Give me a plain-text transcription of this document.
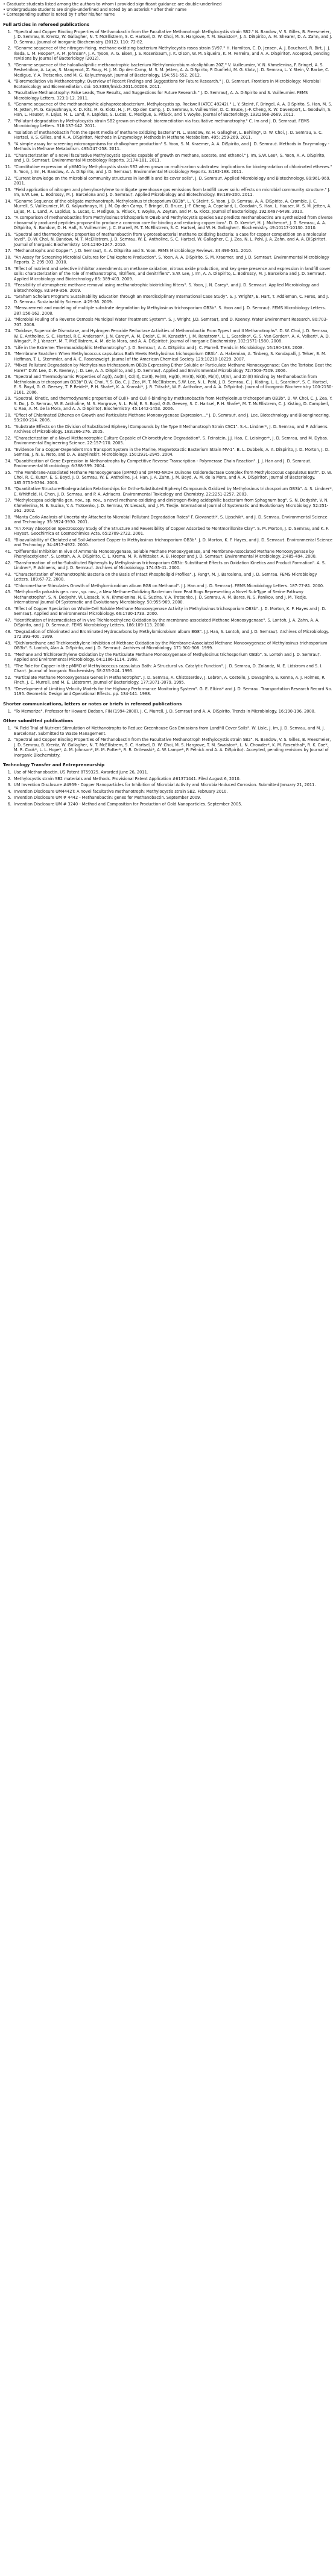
• Graduate students listed among the authors to whom I provided significant guidance are double-underlined
• Undergraduate students are single-underlined and noted by an asterisk * after their name
• Corresponding author is noted by † after his/her name
Full articles in refereed publications
1. "Spectral and Copper Binding Properties of Methanobactin from the Facultative Methanotroph Methylocystis strain SB2." N. Bandow, V. S. Gilles, B. Freesmeier, J. D. Semrau, B. Krentz, W. Gallagher, N. T. McEllistrem, S. C. Hartsel, D. W. Choi, M. S. Hargrove, T. M. Swaiston*, J. A. DiSpirito, A. M. Shearer, D. A. Zahn, and J. D. Semrau. Journal of Inorganic Biochemistry (2012). 110: 72-82.
2. "Genome sequence of the nitrogen-fixing, methane-oxidizing bacterium Methylocystis rosea strain SV97." H. Hamilton, C. D. Jensen, A. J. Bouchard, R. Birt, J. J. Ikeda, L. M. Hooper*, A. M. Johnson*, J. A. Tyson, A. G. Eisen, J. S. Rosenbaum, J. K. Olson, W. M. Siqueira, K. M. Ferreira, and A. A. DiSpirito†. Accepted, pending revisions by Journal of Bacteriology (2012).
3. "Genome sequence of the haloalkaliphilic methanotrophic bacterium Methylomicrobium alcaliphilum 20Z." V. Vuilleumier, V. N. Khmelenina, F. Bringel, A. S. Reshetnikov, A. Lajus, S. Mangenot, Z. Rouy, H. J. M. Op den Camp, M. S. M. Jetten, A. A. DiSpirito, P. Dunfield, M. G. Klotz, J. D. Semrau, L. Y. Stein, V. Barbe, C. Medigue, Y. A. Trotsenko, and M. G. Kalyuzhnaya†. Journal of Bacteriology. 194:551-552. 2012.
4. "Bioremediation via Methanotrophy: Overview of Recent Findings and Suggestions for Future Research." J. D. Semrau†. Frontiers in Microbiology: Microbial Ecotoxicology and Bioremediation. doi: 10.3389/fmicb.2011.00209. 2011.
5. "Facultative Methanotrophy: False Leads, True Results, and Suggestions for Future Research." J. D. Semrau†, A. A. DiSpirito and S. Vuilleumier. FEMS Microbiology Letters. 323:1-12. 2011.
6. "Genome sequence of the methanotrophic alphaproteobacterium, Methylocystis sp. Rockwell (ATCC 49242)." L. Y. Stein†, F. Bringel, A. A. DiSpirito, S. Han, M. S. M. Jetten, M. G. Kalyuzhnaya, K. D. Kits, M. G. Klotz, H. J. M. Op den Camp, J. D. Semrau, S. Vuilleumier, D. C. Bruce, J.-F. Cheng, K. W. Davenport, L. Goodwin, S. Han, L. Hauser, A. Lajus, M. L. Land, A. Lapidus, S. Lucas, C. Medigue, S. Pitluck, and T. Woyke. Journal of Bacteriology. 193:2668-2669. 2011.
7. "Pollutant degradation by Methylocystis strain SB2 grown on ethanol: bioremediation via facultative methanotrophy." C. Im and J. D. Semrau†. FEMS Microbiology Letters. 318:137-142. 2011.
8. "Isolation of methanobactin from the spent media of methane oxidizing bacteria" N. L. Bandow, W. H. Gallagher, L. Behling*, D. W. Choi, J. D. Semrau, S. C. Hartsel, V. S. Gilles, and A. A. DiSpirito†. Methods in Enzymology. Methods in Methane Metabolism. 495: 259-269. 2011.
9. "A simple assay for screening microorganisms for chalkophore production" S. Yoon, S. M. Kraemer, A. A. DiSpirito, and J. D. Semrau†. Methods in Enzymology -Methods in Methane Metabolism. 495:247-258. 2011.
10. "Characterization of a novel facultative Methylocystis species capable of growth on methane, acetate, and ethanol." J. Im, S.W. Lee*, S. Yoon, A. A. DiSpirito, and J. D. Semrau†. Environmental Microbiology Reports. 3:174-181. 2011.
11. "Constitutive expression of pMMO by Methylocystis strain SB2 when grown on multi-carbon substrates: implications for biodegradation of chlorinated ethenes." S. Yoon, J. Im, H. Bandow, A. A. DiSpirito, and J. D. Semrau†. Environmental Microbiology Reports. 3:182-188. 2011.
12. "Current knowledge on the microbial community structures in landfills and its cover soils". J. D. Semrau†. Applied Microbiology and Biotechnology. 89:961-969. 2011.
13. "Field application of nitrogen and phenylacetylene to mitigate greenhouse gas emissions from landfill cover soils: effects on microbial community structure." J. Im, S.W. Lee, L. Bodrossy, M. J. Barcelona and J. D. Semrau†. Applied Microbiology and Biotechnology. 89:189-200. 2011.
14. "Genome Sequence of the obligate methanotroph, Methylosinus trichosporium OB3b". L. Y. Stein†, S. Yoon, J. D. Semrau, A. A. DiSpirito, A. Crombie, J. C. Murrell, S. Vuilleumier, M. G. Kalyuzhnaya, H. J. M. Op den Camp, F. Bringel, D. Bruce, J.-F. Cheng, A. Copeland, L. Goodwin, S. Han, L. Hauser, M. S. M. Jetten, A. Lajus, M. L. Land, A. Lapidus, S. Lucas, C. Medigue, S. Pitluck, T. Woyke, A. Zeytun, and M. G. Klotz. Journal of Bacteriology. 192:6497-6498. 2010.
15. "A comparison of methanobactins from Methylosinus trichosporium OB3b and Methylocystis species SB2 predicts methanobactins are synthesized from diverse ribosomally produced peptides proposed to produce a common core for binding and reducing copper ions". D. D. Krentz*, H. J. Mulheron*, J. D. Semrau, A. A. DiSpirito, N. Bandow, D. H. Haft, S. Vuilleumier, J. C. Murrell, M. T. McEllistrem, S. C. Hartsel, and W. H. Gallagher†. Biochemistry. 49:10117-10130. 2010.
16. "Spectral and thermodynamic properties of methanobactin from γ-proteobacterial methane oxidizing bacteria: a case for copper competition on a molecular level". D.-W. Choi, N. Bandow, M. T. McEllistrem, J. D. Semrau, W. E. Antholine, S. C. Hartsel, W. Gallagher, C. J. Zea, N. L. Pohl, J. A. Zahn, and A. A. DiSpirito†. Journal of Inorganic Biochemistry. 104:1240-1247. 2010.
17. "Methanotrophs and Copper". J. D. Semrau†, A. A. DiSpirito and S. Yoon. FEMS Microbiology Reviews. 34:496-531. 2010.
18. "An Assay for Screening Microbial Cultures for Chalkophore Production". S. Yoon, A. A. DiSpirito, S. M. Kraemer, and J. D. Semrau†. Environmental Microbiology Reports. 2: 295-303. 2010.
19. "Effect of nutrient and selective inhibitor amendments on methane oxidation, nitrous oxide production, and key gene presence and expression in landfill cover soils: characterization of the role of methanotrophs, nitrifiers, and denitrifiers". S.W. Lee, J. Im, A. A. DiSpirito, L. Bodrossy, M. J. Barcelona and J. D. Semrau†. Applied Microbiology and Biotechnology 85: 389-403. 2009.
20. "Feasibility of atmospheric methane removal using methanotrophic biotrickling filters". S. Yoon, J. N. Carey*, and J. D. Semrau†. Applied Microbiology and Biotechnology. 83:949-956. 2009.
21. "Graham Scholars Program: Sustainability Education through an Interdisciplinary International Case Study". S. J. Wright*, E. Hart, T. Addleman, C. Feres, and J. D. Semrau. Sustainability Science. 4:29-36. 2009.
22. "Measurement and modeling of multiple substrate degradation by Methylosinus trichosporium OB3b". S. Yoon and J. D. Semrau†. FEMS Microbiology Letters. 287:156-162. 2008.
23. "Microbial Fouling of a Reverse Osmosis Municipal Water Treatment System". S. J. Wright, J.D. Semrau†, and D. Keeney. Water Environment Research. 80:703-707. 2008.
24. "Oxidase, Superoxide Dismutase, and Hydrogen Peroxide Reductase Activities of Methanobactin From Types I and II Methanotrophs". D. W. Choi, J. D. Semrau, W. E. Antholine, S. C. Hartsel, R.C. Anderson*, J. N. Carey*, A. M. Dreis*, E. M. Kenseth*, J. M. Renstrom*, L. L. Scardino*, G. S. Van Gorden*, A. A. Volkert*, A. D. Wingad*, P. J. Yanzer*, M. T. McEllistrem, A. M. de la Mora, and A. A. DiSpirito†. Journal of Inorganic Biochemistry. 102:1571-1580. 2008.
25. "Life in the Extreme: Thermoacidophilic Methanotrophy". J. D. Semrau†, A. A. DiSpirito and J. C. Murrell. Trends in Microbiology. 16:190-193. 2008.
26. "Membrane Snatcher: When Methylococcus capsulatus Bath Meets Methylosinus trichosporium OB3b". A. Hakemian, A. Tinberg, S. Kondapalli, J. Telser, B. M. Hoffman, T. L. Stemmler, and A. C. Rosenzweig†. Journal of the American Chemical Society 129:10218-10229. 2007.
27. "Mixed Pollutant Degradation by Methylosinus trichosporium OB3b Expressing Either Soluble or Particulate Methane Monooxygenase: Can the Tortoise Beat the Hare?" D.W. Lee, D. R. Keeney, J. D. Lee, A. A. DiSpirito, and J. D. Semrau†. Applied and Environmental Microbiology 72:7503-7509. 2006.
28. "Spectral and Thermodynamic Properties of Ag(I), Au(III), Cd(II), Co(II), Fe(III), Hg(II), Mn(II), Ni(II), Pb(II), U(IV), and Zn(II) Binding by Methanobactin from Methylosinus trichosporium OB3b" D.W. Choi, Y. S. Do, C. J. Zea, M. T. McEllistrem, S.W. Lee, N. L. Pohl, J. D. Semrau, C. J. Kisting, L. L. Scardino*, S. C. Hartsel, E. S. Boyd, G. G. Geesey, T. P. Reidel*, P. H. Shafe*, K. A. Kranski*, J. R. Tritsch*, W. E. Antholine, and A. A. DiSpirito†. Journal of Inorganic Biochemistry 100:2150-2161. 2006.
29. "Spectral, kinetic, and thermodynamic properties of Cu(I)- and Cu(II)-binding by methanobactin from Methylosinus trichosporium OB3b". D. W. Choi, C. J. Zea, Y. S. Do, J. D. Semrau, W. E. Antholine, M. S. Hargrove, N. L. Pohl, E. S. Boyd, G.G. Geesey, S. C. Hartsel, P. H. Shafe*, M. T. McEllistrem, C. J. Kisting, D. Campbell, V. Rao, A. M. de la Mora, and A. A. DiSpirito†. Biochemistry. 45:1442-1453. 2006.
30. "Effect of Chlorinated Ethenes on Growth and Particulate Methane Monooxygenase Expression..." J. D. Semrau†, and J. Lee. Biotechnology and Bioengineering. 93:200-214. 2006.
31. "Substrate Effects on the Division of Substituted Biphenyl Compounds by the Type II Methanotroph Strain CSC1". S.-L. Lindner*, J. D. Semrau, and P. Adriaens. Archives of Microbiology. 183:266-276. 2005.
32. "Characterization of a Novel Methanotrophic Culture Capable of Chloroethylene Degradation". S. Feinstein, J.J. Hao, C. Leisinger*, J. D. Semrau, and M. Dybas. Environmental Engineering Science. 22:157-170. 2005.
33. "Evidence for a Copper-Dependent Iron Transport System in the Marine, Magnetotactic Bacterium Strain MV-1". B. L. Dubbels, A. A. DiSpirito, J. D. Morton, J. D. Semrau, J. N. E. Neto, and D. A. Bazylinski†. Microbiology. 150:2931-2945. 2004.
34. "Quantification of Gene Expression in Methanotrophs by Competitive Reverse Transcription - Polymerase Chain Reaction". J. J. Han and J. D. Semrau†. Environmental Microbiology. 6:388-399. 2004.
35. "The Membrane-Associated Methane Monooxygenase (pMMO) and pMMO-NADH:Quinone Oxidoreductase Complex from Methylococcus capsulatus Bath". D. W. Choi, R. C. Kunz*, E. S. Boyd, J. D. Semrau, W. E. Antholine, J.-I. Han, J. A. Zahn, J. M. Boyd, A. M. de la Mora, and A. A. DiSpirito†. Journal of Bacteriology. 185:5755-5764. 2003.
36. "Quantitative Structure-Biodegradation Relationships for Ortho-Substituted Biphenyl Compounds Oxidized by Methylosinus trichosporium OB3b". A. S. Lindner*, E. Whitfield, H. Chen, J. D. Semrau, and P. A. Adriaens. Environmental Toxicology and Chemistry. 22:2251-2257. 2003.
37. "Methylocapsa acidiphila gen. nov., sp. nov., a novel methane-oxidizing and dinitrogen-fixing acidophilic bacterium from Sphagnum bog". S. N. Dedysh†, V. N. Khmelenina, N. E. Suzina, Y. A. Trotsenko, J. D. Semrau, W. Liesack, and J. M. Tiedje. International Journal of Systematic and Evolutionary Microbiology. 52:251-261. 2002.
38. "Manta Carlo Analysis of Uncertainty Attached to Microbial Pollutant Degradation Rates" F. Giovanetti*, S. Lipschik*, and J. D. Semrau. Environmental Science and Technology. 35:3924-3930. 2001.
39. "An X-Ray Absorption Spectroscopy Study of the Structure and Reversibility of Copper Adsorbed to Montmorillonite Clay". S. M. Morton, J. D. Semrau, and K. F. Hayes†. Geochimica et Cosmochimica Acta. 65:2709-2722. 2001.
40. "Bioavailability of Chelated and Soil-Adsorbed Copper to Methylosinus trichosporium OB3b". J. D. Morton, K. F. Hayes, and J. D. Semrau†. Environmental Science and Technology. 34:4917-4922. 2000.
41. "Differential Inhibition In vivo of Ammonia Monooxygenase, Soluble Methane Monooxygenase, and Membrane-Associated Methane Monooxygenase by Phenylacetylene". S. Lontoh, A. A. DiSpirito, C. L. Krema, M. R. Whittaker, A. B. Hooper and J. D. Semrau†. Environmental Microbiology. 2:485-494. 2000.
42. "Transformation of ortho-Substituted Biphenyls by Methylosinus trichosporium OB3b: Substituent Effects on Oxidation Kinetics and Product Formation". A. S. Lindner*, P. Adriaens, and J. D. Semrau†. Archives of Microbiology. 174:35-41. 2000.
43. "Characterization of Methanotrophic Bacteria on the Basis of Intact Phospholipid Profiles". J. Fang*, M. J. Barcelona, and J. D. Semrau. FEMS Microbiology Letters. 189:67-72. 2000.
44. "Chloromethane Stimulates Growth of Methylomicrobium album BG8 on Methanol". J.J. Han and J. D. Semrau†. FEMS Microbiology Letters. 187:77-81. 2000.
45. "Methylocella palustris gen. nov., sp. nov., a New Methane-Oxidizing Bacterium from Peat Bogs Representing a Novel Sub-Type of Serine Pathway Methanotrophs". S. N. Dedysh†, W. Liesack, V. N. Khmelenina, N. E. Suzina, Y. A. Trotsenko, J. D. Semrau, A. M. Bares, N. S. Panikov, and J. M. Tiedje. International Journal Of Systematic and Evolutionary Microbiology. 50:955-969. 2000.
46. "Effect of Copper Speciation on Whole-Cell Soluble Methane Monooxygenase Activity in Methylosinus trichosporium OB3b". J. D. Morton, K. F. Hayes and J. D. Semrau†. Applied and Environmental Microbiology. 66:1730-1733. 2000.
47. "Identification of Intermediates of in vivo Trichloroethylene Oxidation by the membrane-associated Methane Monooxygenase". S. Lontoh, J. A. Zahn, A. A. DiSpirito, and J. D. Semrau†. FEMS Microbiology Letters. 186:109-113. 2000.
48. "Degradation of Chlorinated and Brominated Hydrocarbons by Methylomicrobium album BG8". J.J. Han, S. Lontoh, and J. D. Semrau†. Archives of Microbiology. 172:393-400. 1999.
49. "Dichloroethane and Trichloroethylene Inhibition of Methane Oxidation by the Membrane-Associated Methane Monooxygenase of Methylosinus trichosporium OB3b". S. Lontoh, Alan A. DiSpirito, and J. D. Semrau†. Archives of Microbiology. 171:301-308. 1999.
50. "Methane and Trichloroethylene Oxidation by the Particulate Methane Monooxygenase of Methylosinus trichosporium OB3b". S. Lontoh and J. D. Semrau†. Applied and Environmental Microbiology. 64:1106-1114. 1998.
51. "The Role for Copper in the pMMO of Methylococcus capsulatus Bath: A Structural vs. Catalytic Function". J. D. Semrau, D. Zolandz, M. E. Lidstrom and S. I. Chan†. Journal of Inorganic Biochemistry. 58:235-244. 1995.
52. "Particulate Methane Monooxygenase Genes in Methanotrophs". J. D. Semrau, A. Chistoserdov, J. Lebron, A. Costello, J. Davagnino, E. Kenna, A. J. Holmes, R. Finch, J. C. Murrell, and M. E. Lidstrom†. Journal of Bacteriology. 177:3071-3079. 1995.
53. "Development of Limiting Velocity Models for the Highway Performance Monitoring System". G. E. Elkins* and J. D. Semrau. Transportation Research Record No. 1195. Geometric Design and Operational Effects. pp. 134-141. 1988.
Shorter communications, letters or notes or briefs in refereed publications
1. "To Memorize". Professor for Howard Dodson, FIN (1994-2008). J. C. Murrell, J. D. Semrau† and A. A. DiSpirito. Trends in Microbiology. 16:190-196. 2008.
Other submitted publications
1. "A Field Trial of Nutrient Stimulation of Methanotrophs to Reduce Greenhouse Gas Emissions from Landfill Cover Soils". W. Lisle, J. Im, J. D. Semrau, and M. J. Barcelona†. Submitted to Waste Management.
2. "Spectral and Copper Binding Properties of Methanobactin from the Facultative Methanotroph Methylocystis strain SB2". N. Bandow, V. S. Gilles, B. Freesmeier, J. D. Semrau, B. Krentz, W. Gallagher, N. T. McEllistrem, S. C. Hartsel, D. W. Choi, M. S. Hargrove, T. M. Swaiston*, L. N. Chowder*, K. M. Rosenthal*, R. K. Coe*, M. R. Cook*, L. L. Hope*, A. M. Johnson*, M. M. Potter*, R. R. Ortlewski*, A. W. Lampe*, P. Pelnick and A. A. DiSpirito†. Accepted, pending revisions by Journal of Inorganic Biochemistry.
Technology Transfer and Entrepreneurship
1. Use of Methanobactin. US Patent 8759325. Awarded June 26, 2011.
2. Methylocystis strain SB2 materials and Methods. Provisional Patent Application #61371441. Filed August 6, 2010.
3. UM Invention Disclosure #4959 - Copper Nanoparticles for Inhibition of Microbial Activity and Microbial-Induced Corrosion. Submitted January 21, 2011.
4. Invention Disclosure UM4442T: A novel facultative methanotroph: Methylocystis strain SB2. February 2010.
5. Invention Disclosure UM # 4442 - Methanobactin: genes for Methanobactin. September 2009.
6. Invention Disclosure UM # 3240 - Method and Composition for Production of Gold Nanoparticles. September 2005.
